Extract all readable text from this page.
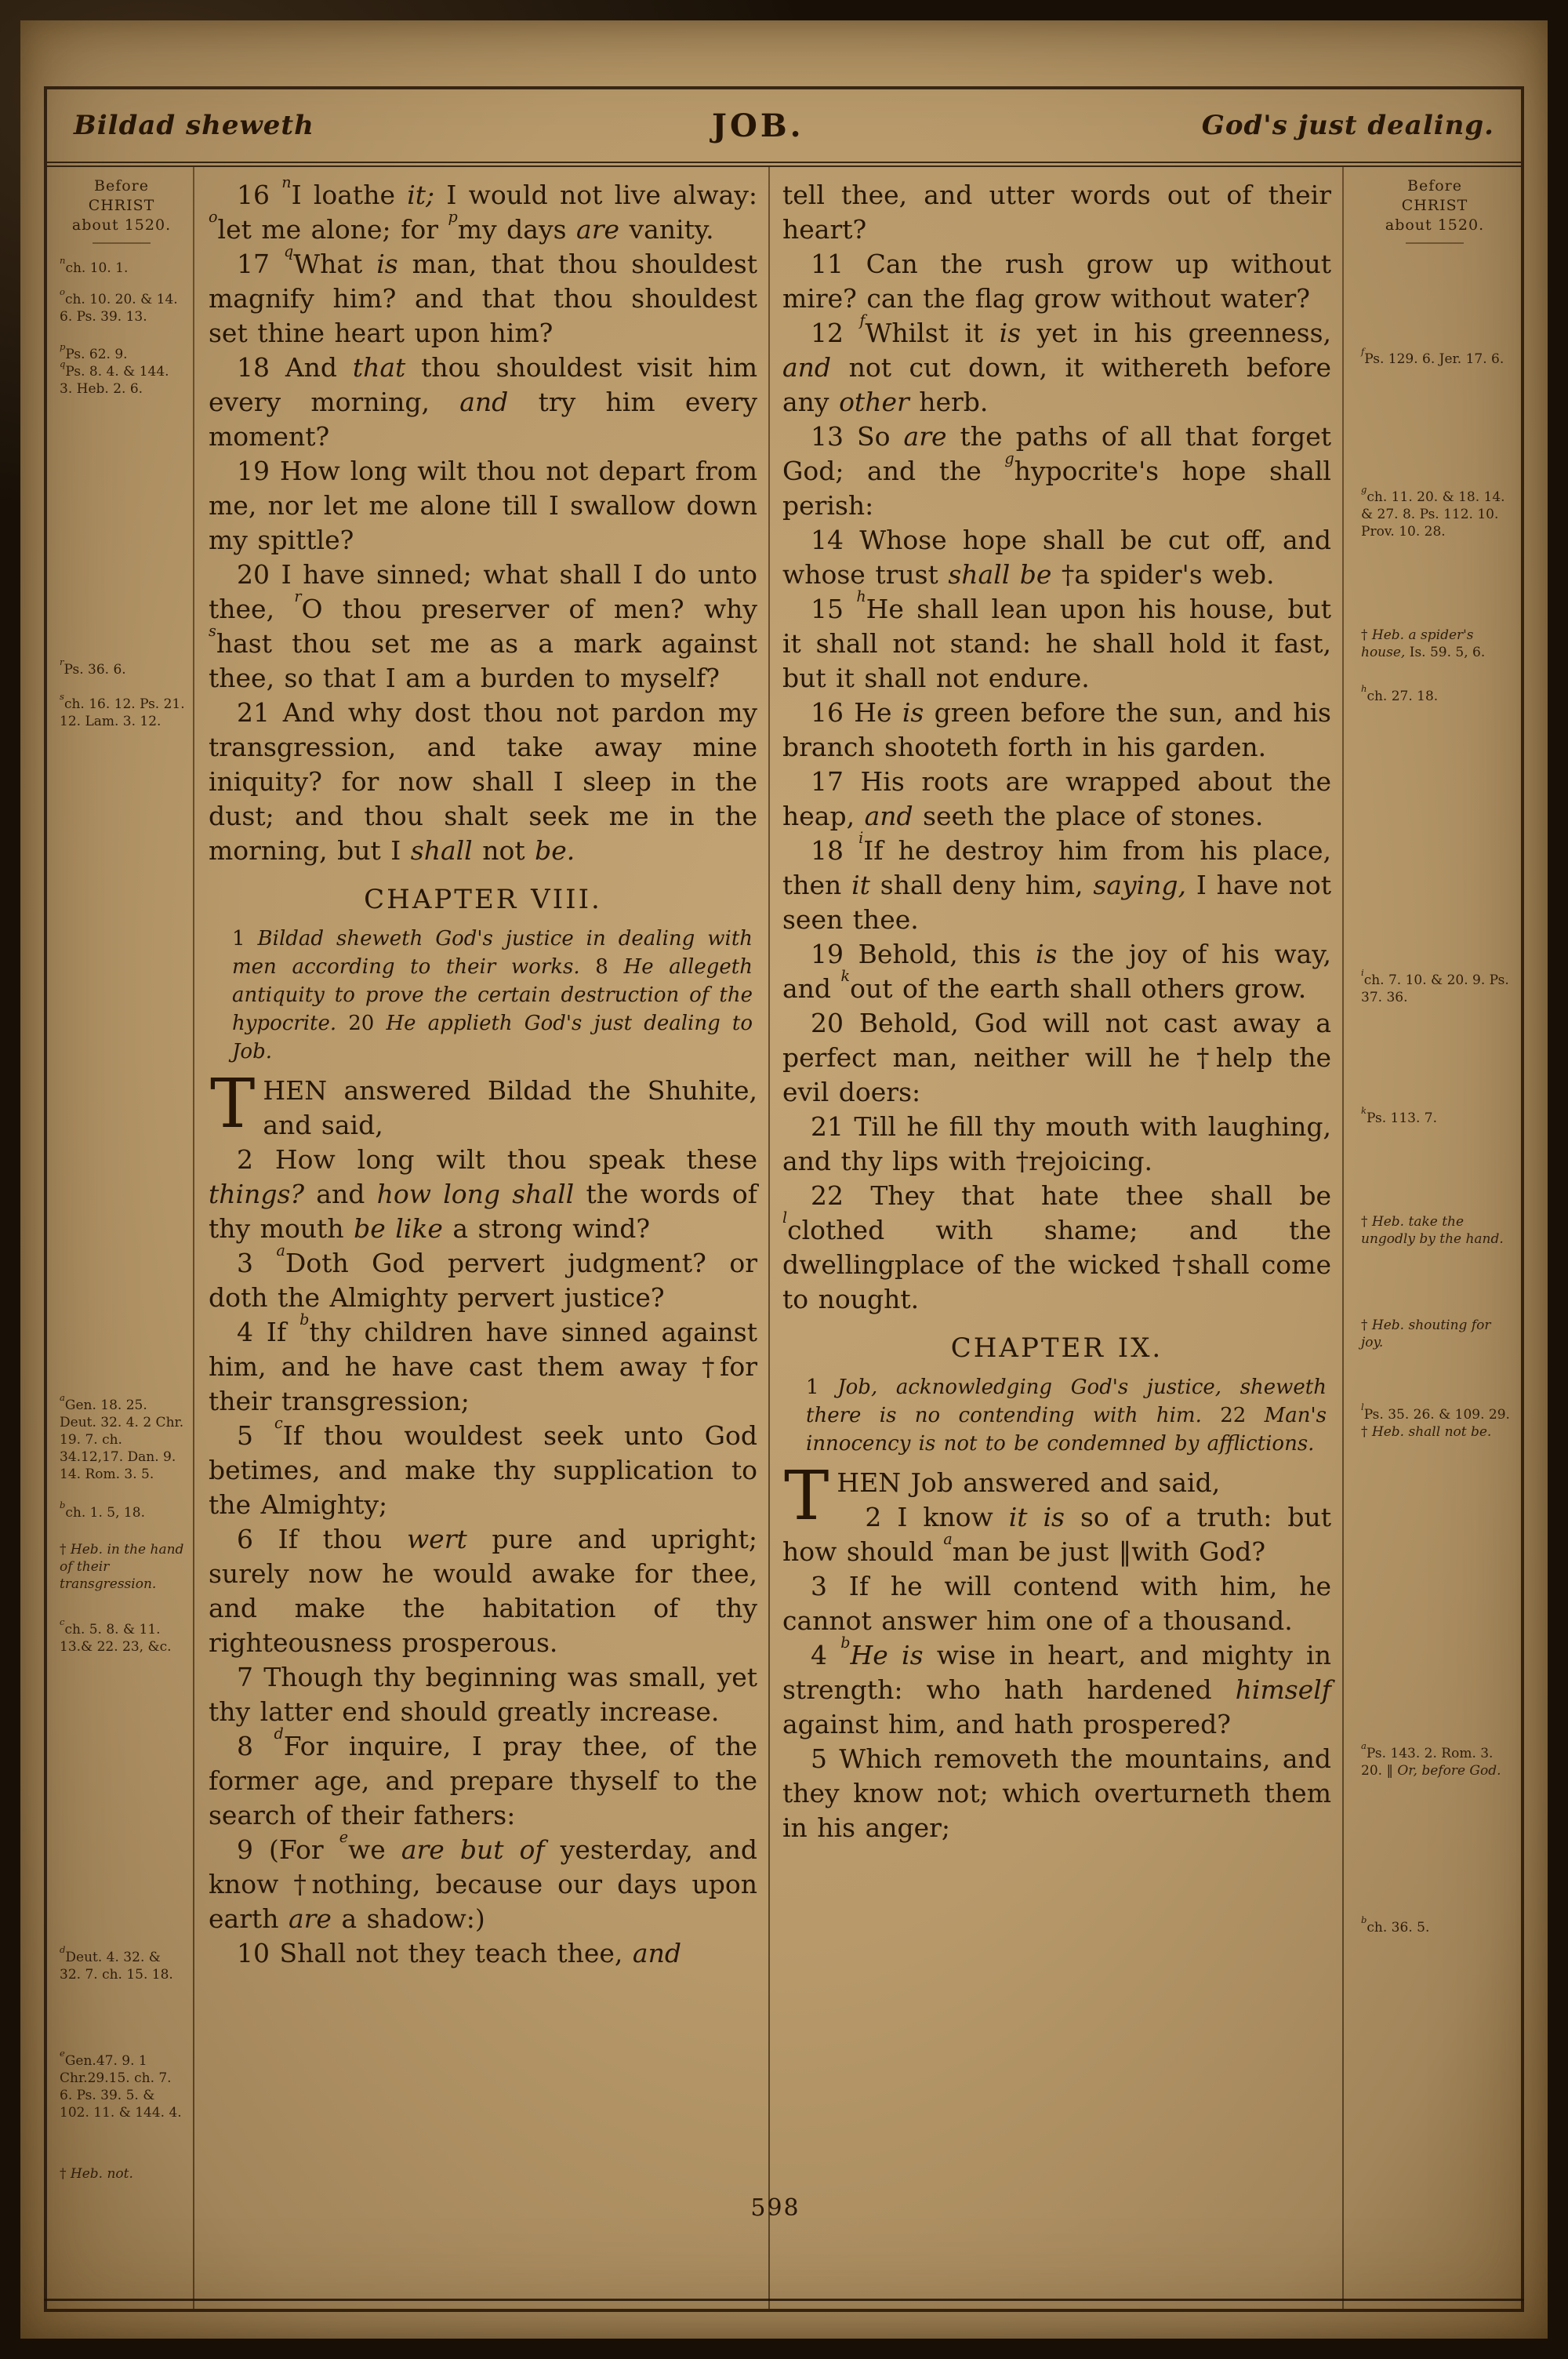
Bildad sheweth	JOB.	God's just dealing.
Before
CHRIST
about 1520.
$^n$ch. 10. 1.
$^o$ch. 10. 20. & 14. 6. Ps. 39. 13.
$^p$Ps. 62. 9.
$^q$Ps. 8. 4. & 144. 3. Heb. 2. 6.
$^r$Ps. 36. 6.
$^s$ch. 16. 12. Ps. 21. 12. Lam. 3. 12.
$^a$Gen. 18. 25. Deut. 32. 4. 2 Chr. 19. 7. ch. 34.12,17. Dan. 9. 14. Rom. 3. 5.
$^b$ch. 1. 5, 18.
† Heb. in the hand of their transgression.
$^c$ch. 5. 8. & 11. 13.& 22. 23, &c.
$^d$Deut. 4. 32. & 32. 7. ch. 15. 18.
$^e$Gen.47. 9. 1 Chr.29.15. ch. 7. 6. Ps. 39. 5. & 102. 11. & 144. 4.
† Heb. not.
16 $^n$I loathe it; I would not live alway: $^o$let me alone; for $^p$my days are vanity.
17 $^q$What is man, that thou shouldest magnify him? and that thou shouldest set thine heart upon him?
18 And that thou shouldest visit him every morning, and try him every moment?
19 How long wilt thou not depart from me, nor let me alone till I swallow down my spittle?
20 I have sinned; what shall I do unto thee, $^r$O thou preserver of men? why $^s$hast thou set me as a mark against thee, so that I am a burden to myself?
21 And why dost thou not pardon my transgression, and take away mine iniquity? for now shall I sleep in the dust; and thou shalt seek me in the morning, but I shall not be.
CHAPTER VIII.
1 Bildad sheweth God's justice in dealing with men according to their works. 8 He allegeth antiquity to prove the certain destruction of the hypocrite. 20 He applieth God's just dealing to Job.
THEN answered Bildad the Shuhite, and said,
2 How long wilt thou speak these things? and how long shall the words of thy mouth be like a strong wind?
3 $^a$Doth God pervert judgment? or doth the Almighty pervert justice?
4 If $^b$thy children have sinned against him, and he have cast them away †for their transgression;
5 $^c$If thou wouldest seek unto God betimes, and make thy supplication to the Almighty;
6 If thou wert pure and upright; surely now he would awake for thee, and make the habitation of thy righteousness prosperous.
7 Though thy beginning was small, yet thy latter end should greatly increase.
8 $^d$For inquire, I pray thee, of the former age, and prepare thyself to the search of their fathers:
9 (For $^e$we are but of yesterday, and know †nothing, because our days upon earth are a shadow:)
10 Shall not they teach thee, and
tell thee, and utter words out of their heart?
11 Can the rush grow up without mire? can the flag grow without water?
12 $^f$Whilst it is yet in his greenness, and not cut down, it withereth before any other herb.
13 So are the paths of all that forget God; and the $^g$hypocrite's hope shall perish:
14 Whose hope shall be cut off, and whose trust shall be †a spider's web.
15 $^h$He shall lean upon his house, but it shall not stand: he shall hold it fast, but it shall not endure.
16 He is green before the sun, and his branch shooteth forth in his garden.
17 His roots are wrapped about the heap, and seeth the place of stones.
18 $^i$If he destroy him from his place, then it shall deny him, saying, I have not seen thee.
19 Behold, this is the joy of his way, and $^k$out of the earth shall others grow.
20 Behold, God will not cast away a perfect man, neither will he †help the evil doers:
21 Till he fill thy mouth with laughing, and thy lips with †rejoicing.
22 They that hate thee shall be $^l$clothed with shame; and the dwellingplace of the wicked †shall come to nought.
CHAPTER IX.
1 Job, acknowledging God's justice, sheweth there is no contending with him. 22 Man's innocency is not to be condemned by afflictions.
THEN Job answered and said,
2 I know it is so of a truth: but how should $^a$man be just ‖with God?
3 If he will contend with him, he cannot answer him one of a thousand.
4 $^b$He is wise in heart, and mighty in strength: who hath hardened himself against him, and hath prospered?
5 Which removeth the mountains, and they know not; which overturneth them in his anger;
Before
CHRIST
about 1520.
$^f$Ps. 129. 6. Jer. 17. 6.
$^g$ch. 11. 20. & 18. 14. & 27. 8. Ps. 112. 10. Prov. 10. 28.
† Heb. a spider's house, Is. 59. 5, 6.
$^h$ch. 27. 18.
$^i$ch. 7. 10. & 20. 9. Ps. 37. 36.
$^k$Ps. 113. 7.
† Heb. take the ungodly by the hand.
† Heb. shouting for joy.
$^l$Ps. 35. 26. & 109. 29. † Heb. shall not be.
$^a$Ps. 143. 2. Rom. 3. 20. ‖ Or, before God.
$^b$ch. 36. 5.
598
